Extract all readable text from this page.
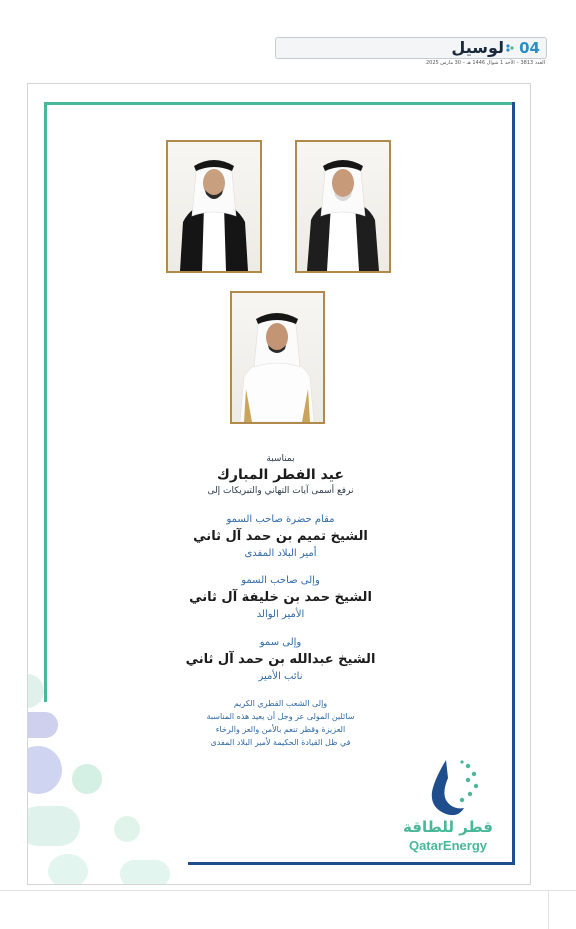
04
لوسيل
العدد 3813 – الأحد 1 شوال 1446 هـ – 30 مارس 2025
بمناسبة
عيد الفطر المبارك
نرفع أسمى آيات التهاني والتبريكات إلى
مقام حضرة صاحب السمو
الشيخ تميم بن حمد آل ثاني
أمير البلاد المفدى
وإلى صاحب السمو
الشيخ حمد بن خليفة آل ثاني
الأمير الوالد
وإلى سمو
الشيخ عبدالله بن حمد آل ثاني
نائب الأمير
وإلى الشعب القطري الكريم
سائلين المولى عز وجل أن يعيد هذه المناسبة
العزيزة وقطر تنعم بالأمن والعز والرخاء
في ظل القيادة الحكيمة لأمير البلاد المفدى
قطر للطاقة
QatarEnergy
